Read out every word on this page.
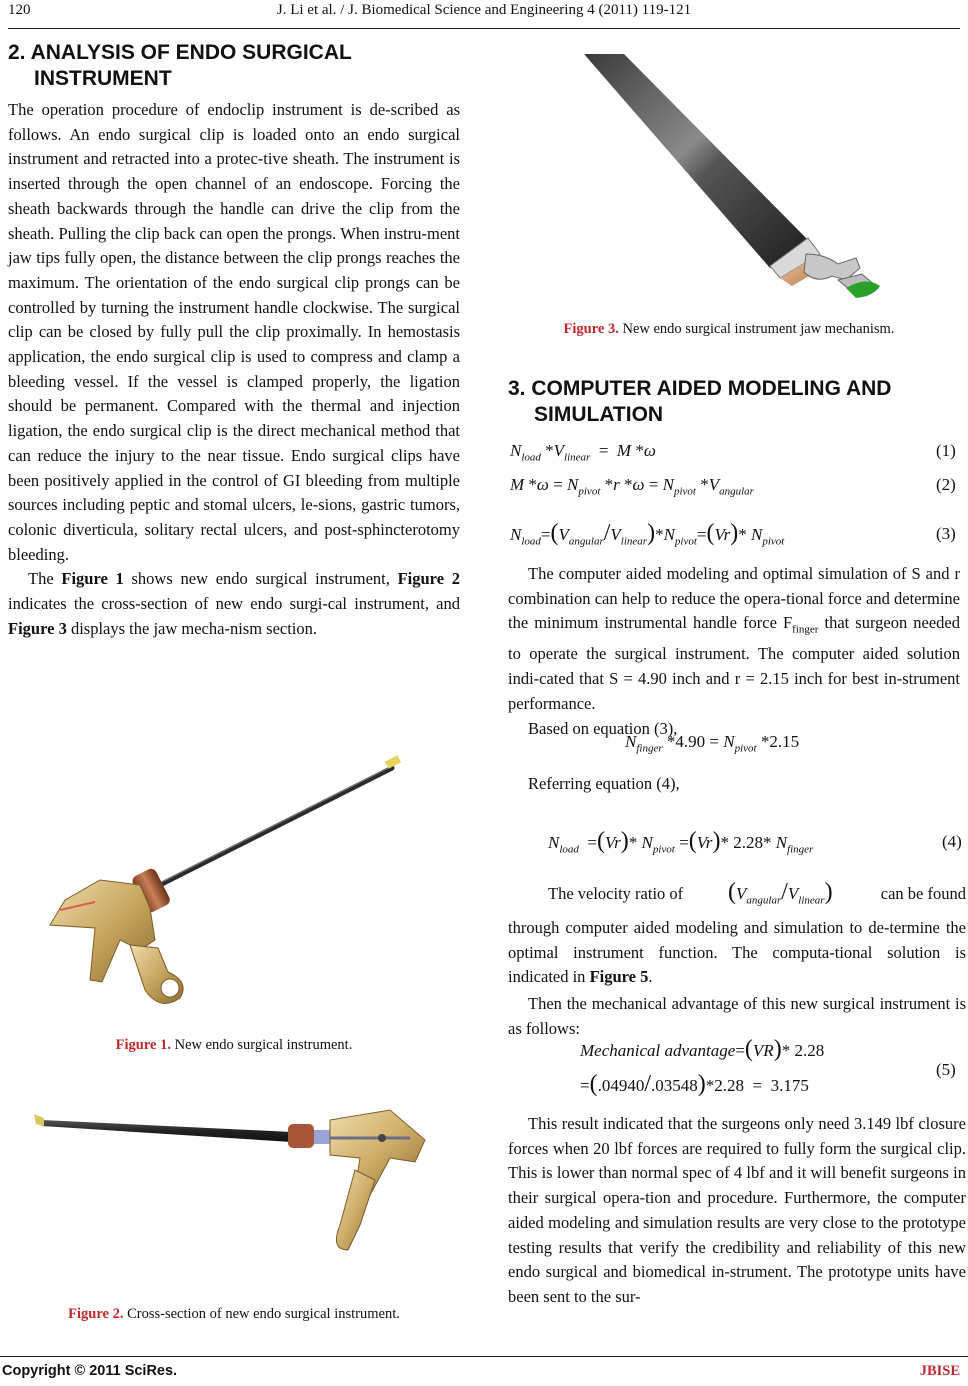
120	J. Li et al. / J. Biomedical Science and Engineering 4 (2011) 119-121
2. ANALYSIS OF ENDO SURGICAL
INSTRUMENT

The operation procedure of endoclip instrument is de-scribed as follows. An endo surgical clip is loaded onto an endo surgical instrument and retracted into a protec-tive sheath. The instrument is inserted through the open channel of an endoscope. Forcing the sheath backwards through the handle can drive the clip from the sheath. Pulling the clip back can open the prongs. When instru-ment jaw tips fully open, the distance between the clip prongs reaches the maximum. The orientation of the endo surgical clip prongs can be controlled by turning the instrument handle clockwise. The surgical clip can be closed by fully pull the clip proximally. In hemostasis application, the endo surgical clip is used to compress and clamp a bleeding vessel. If the vessel is clamped properly, the ligation should be permanent. Compared with the thermal and injection ligation, the endo surgical clip is the direct mechanical method that can reduce the injury to the near tissue. Endo surgical clips have been positively applied in the control of GI bleeding from multiple sources including peptic and stomal ulcers, le-sions, gastric tumors, colonic diverticula, solitary rectal ulcers, and post-sphincterotomy bleeding.

The Figure 1 shows new endo surgical instrument, Figure 2 indicates the cross-section of new endo surgi-cal instrument, and Figure 3 displays the jaw mecha-nism section.

Figure 1. New endo surgical instrument.
Figure 2. Cross-section of new endo surgical instrument.
Figure 3. New endo surgical instrument jaw mechanism.
3. COMPUTER AIDED MODELING AND
SIMULATION
$N_{load}$ $*V_{linear} = M$ *ω	(1)
M $*\omega = N_{pivot}$ *r $*\omega = N_{pivot}$ $*V_{angular}$	(2)
$N_{load}=(V_{angular}/V_{linear})*N_{pivot}=(Vr)*$ $N_{pivot}$	(3)

The computer aided modeling and optimal simulation of S and r combination can help to reduce the opera-tional force and determine the minimum instrumental handle force $F_{finger}$ that surgeon needed to operate the surgical instrument. The computer aided solution indi-cated that S = 4.90 inch and r = 2.15 inch for best in-strument performance.

Based on equation (3),

$N_{finger}$ $*4.90 = N_{pivot}$ *2.15

Referring equation (4),

$N_{load} =(Vr)*$ $N_{pivot} =(Vr)*$ 2.28* $N_{finger}$	(4)

The velocity ratio of	$(V_{angular}/V_{linear})$	can be found

through computer aided modeling and simulation to de-termine the optimal instrument function. The computa-tional solution is indicated in Figure 5.

Then the mechanical advantage of this new surgical instrument is as follows:

Mechanical advantage=(VR)* 2.28
=(.04940/.03548)*2.28 = 3.175
(5)

This result indicated that the surgeons only need 3.149 lbf closure forces when 20 lbf forces are required to fully form the surgical clip. This is lower than normal spec of 4 lbf and it will benefit surgeons in their surgical opera-tion and procedure. Furthermore, the computer aided modeling and simulation results are very close to the prototype testing results that verify the credibility and reliability of this new endo surgical and biomedical in-strument. The prototype units have been sent to the sur-

Copyright © 2011 SciRes.	JBISE
